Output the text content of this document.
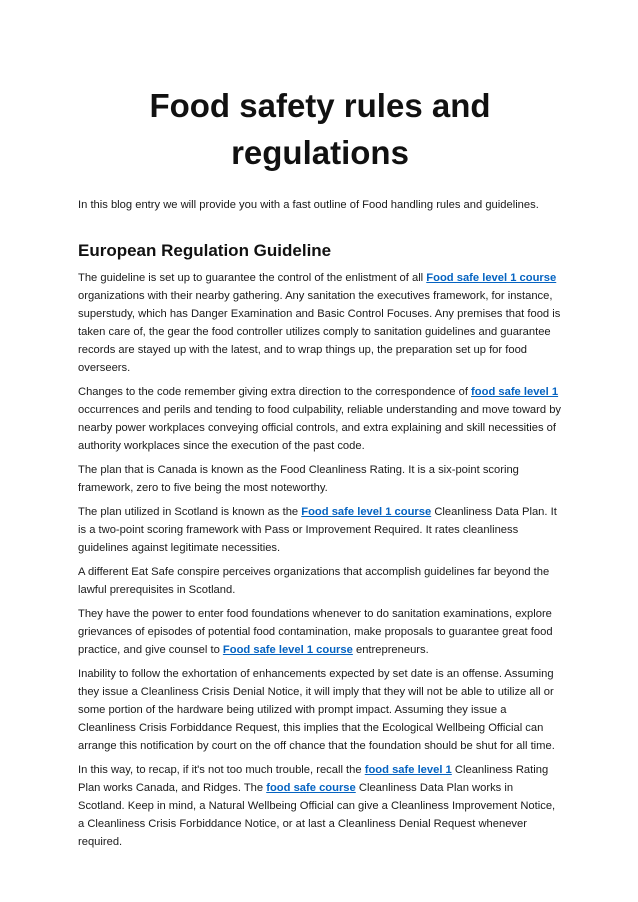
Food safety rules and regulations

In this blog entry we will provide you with a fast outline of Food handling rules and guidelines.

European Regulation Guideline

The guideline is set up to guarantee the control of the enlistment of all Food safe level 1 course organizations with their nearby gathering. Any sanitation the executives framework, for instance, superstudy, which has Danger Examination and Basic Control Focuses. Any premises that food is taken care of, the gear the food controller utilizes comply to sanitation guidelines and guarantee records are stayed up with the latest, and to wrap things up, the preparation set up for food overseers.

Changes to the code remember giving extra direction to the correspondence of food safe level 1 occurrences and perils and tending to food culpability, reliable understanding and move toward by nearby power workplaces conveying official controls, and extra explaining and skill necessities of authority workplaces since the execution of the past code.

The plan that is Canada is known as the Food Cleanliness Rating. It is a six-point scoring framework, zero to five being the most noteworthy.

The plan utilized in Scotland is known as the Food safe level 1 course Cleanliness Data Plan. It is a two-point scoring framework with Pass or Improvement Required. It rates cleanliness guidelines against legitimate necessities.

A different Eat Safe conspire perceives organizations that accomplish guidelines far beyond the lawful prerequisites in Scotland.

They have the power to enter food foundations whenever to do sanitation examinations, explore grievances of episodes of potential food contamination, make proposals to guarantee great food practice, and give counsel to Food safe level 1 course entrepreneurs.

Inability to follow the exhortation of enhancements expected by set date is an offense. Assuming they issue a Cleanliness Crisis Denial Notice, it will imply that they will not be able to utilize all or some portion of the hardware being utilized with prompt impact. Assuming they issue a Cleanliness Crisis Forbiddance Request, this implies that the Ecological Wellbeing Official can arrange this notification by court on the off chance that the foundation should be shut for all time.

In this way, to recap, if it's not too much trouble, recall the food safe level 1 Cleanliness Rating Plan works Canada, and Ridges. The food safe course Cleanliness Data Plan works in Scotland. Keep in mind, a Natural Wellbeing Official can give a Cleanliness Improvement Notice, a Cleanliness Crisis Forbiddance Notice, or at last a Cleanliness Denial Request whenever required.
